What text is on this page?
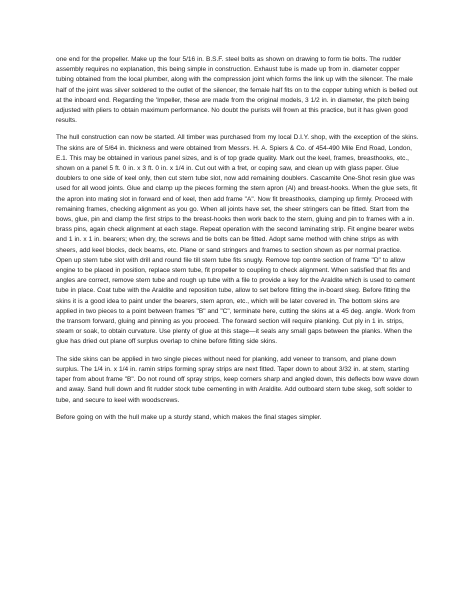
one end for the propeller. Make up the four 5/16 in. B.S.F. steel bolts as shown on drawing to form tie bolts. The rudder assembly requires no explanation, this being simple in construction. Exhaust tube is made up from in. diameter copper tubing obtained from the local plumber, along with the compression joint which forms the link up with the silencer. The male half of the joint was silver soldered to the outlet of the silencer, the female half fits on to the copper tubing which is belled out at the inboard end. Regarding the 'Impeller, these are made from the original models, 3 1/2 in. in diameter, the pitch being adjusted with pliers to obtain maximum performance. No doubt the purists will frown at this practice, but it has given good results.

The hull construction can now be started. All timber was purchased from my local D.I.Y. shop, with the exception of the skins. The skins are of 5/64 in. thickness and were obtained from Messrs. H. A. Spiers & Co. of 454-490 Mile End Road, London, E.1. This may be obtained in various panel sizes, and is of top grade quality. Mark out the keel, frames, breasthooks, etc., shown on a panel 5 ft. 0 in. x 3 ft. 0 in. x 1/4 in. Cut out with a fret, or coping saw, and clean up with glass paper. Glue doublers to one side of keel only, then cut stern tube slot, now add remaining doublers. Cascamite One-Shot resin glue was used for all wood joints. Glue and clamp up the pieces forming the stern apron (Al) and breast-hooks. When the glue sets, fit the apron into mating slot in forward end of keel, then add frame "A". Now fit breasthooks, clamping up firmly. Proceed with remaining frames, checking alignment as you go. When all joints have set, the sheer stringers can be fitted. Start from the bows, glue, pin and clamp the first strips to the breast-hooks then work back to the stern, gluing and pin to frames with a in. brass pins, again check alignment at each stage. Repeat operation with the second laminating strip. Fit engine bearer webs and 1 in. x 1 in. bearers; when dry, the screws and tie bolts can be fitted. Adopt same method with chine strips as with sheers, add keel blocks, deck beams, etc. Plane or sand stringers and frames to section shown as per normal practice. Open up stern tube slot with drill and round file till stern tube fits snugly. Remove top centre section of frame "D" to allow engine to be placed in position, replace stern tube, fit propeller to coupling to check alignment. When satisfied that fits and angles are correct, remove stern tube and rough up tube with a file to provide a key for the Araldite which is used to cement tube in place. Coat tube with the Araldite and reposition tube, allow to set before fitting the in-board skeg. Before fitting the skins it is a good idea to paint under the bearers, stem apron, etc., which will be later covered in. The bottom skins are applied in two pieces to a point between frames "B" and "C", terminate here, cutting the skins at a 45 deg. angle. Work from the transom forward, gluing and pinning as you proceed. The forward section will require planking. Cut ply in 1 in. strips, steam or soak, to obtain curvature. Use plenty of glue at this stage—it seals any small gaps between the planks. When the glue has dried out plane off surplus overlap to chine before fitting side skins.

The side skins can be applied in two single pieces without need for planking, add veneer to transom, and plane down surplus. The 1/4 in. x 1/4 in. ramin strips forming spray strips are next fitted. Taper down to about 3/32 in. at stem, starting taper from about frame "B". Do not round off spray strips, keep corners sharp and angled down, this deflects bow wave down and away. Sand hull down and fit rudder stock tube cementing in with Araldite. Add outboard stern tube skeg, soft solder to tube, and secure to keel with woodscrews.

Before going on with the hull make up a sturdy stand, which makes the final stages simpler.
